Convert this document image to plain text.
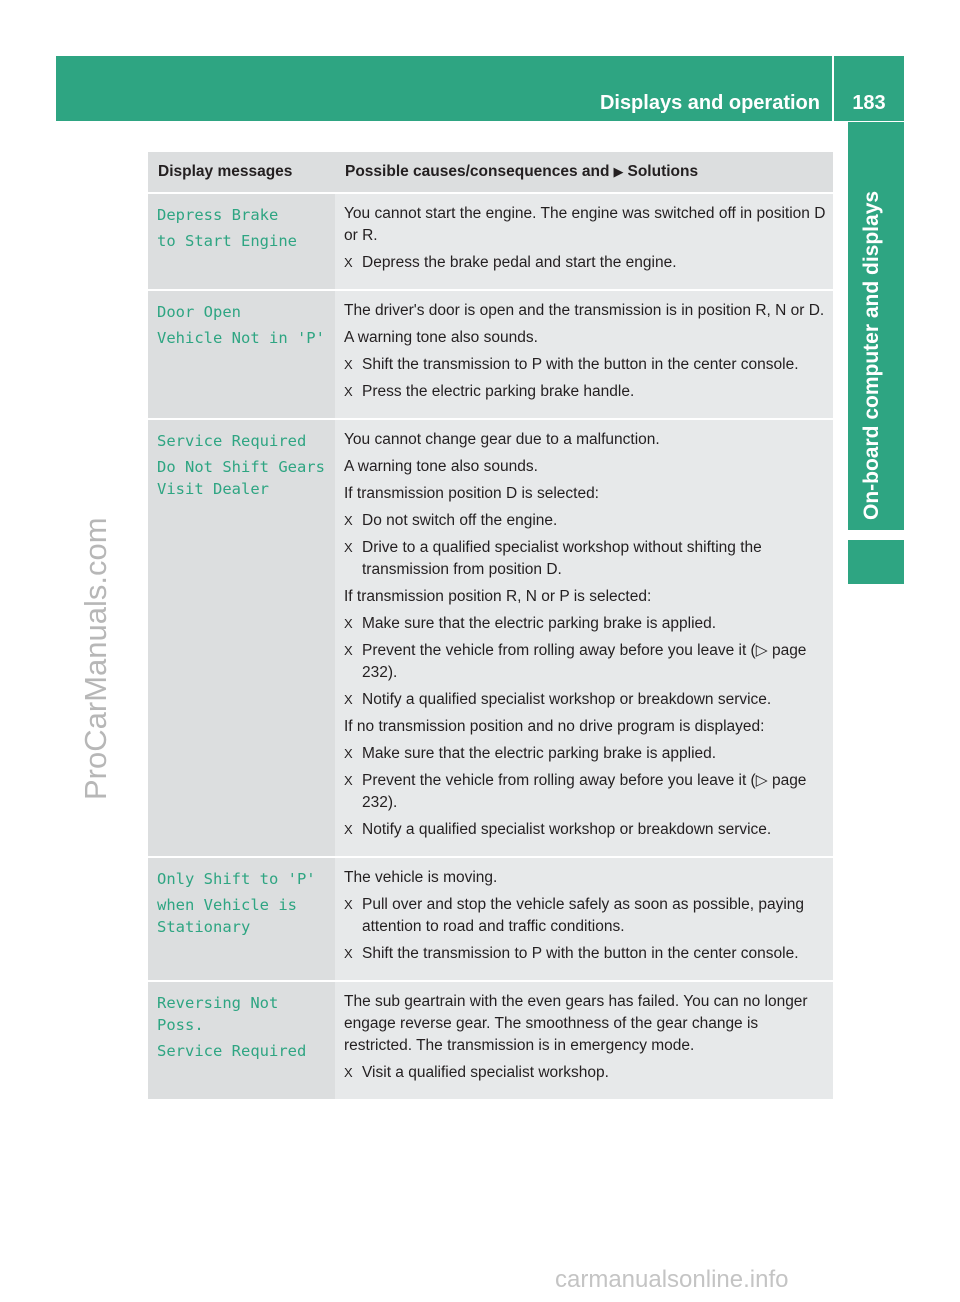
Displays and operation	183
On-board computer and displays
ProCarManuals.com
carmanualsonline.info
Display messages	Possible causes/consequences and ▶ Solutions
Depress Brake
to Start Engine
You cannot start the engine. The engine was switched off in position D or R.
X Depress the brake pedal and start the engine.
Door Open
Vehicle Not in 'P'
The driver's door is open and the transmission is in position R, N or D.
A warning tone also sounds.
X Shift the transmission to P with the button in the center console.
X Press the electric parking brake handle.
Service Required
Do Not Shift Gears
Visit Dealer
You cannot change gear due to a malfunction.
A warning tone also sounds.
If transmission position D is selected:
X Do not switch off the engine.
X Drive to a qualified specialist workshop without shifting the transmission from position D.
If transmission position R, N or P is selected:
X Make sure that the electric parking brake is applied.
X Prevent the vehicle from rolling away before you leave it (▷ page 232).
X Notify a qualified specialist workshop or breakdown service.
If no transmission position and no drive program is displayed:
X Make sure that the electric parking brake is applied.
X Prevent the vehicle from rolling away before you leave it (▷ page 232).
X Notify a qualified specialist workshop or breakdown service.
Only Shift to 'P'
when Vehicle is
Stationary
The vehicle is moving.
X Pull over and stop the vehicle safely as soon as possible, paying attention to road and traffic conditions.
X Shift the transmission to P with the button in the center console.
Reversing Not Poss.
Service Required
The sub geartrain with the even gears has failed. You can no longer engage reverse gear. The smoothness of the gear change is restricted. The transmission is in emergency mode.
X Visit a qualified specialist workshop.
